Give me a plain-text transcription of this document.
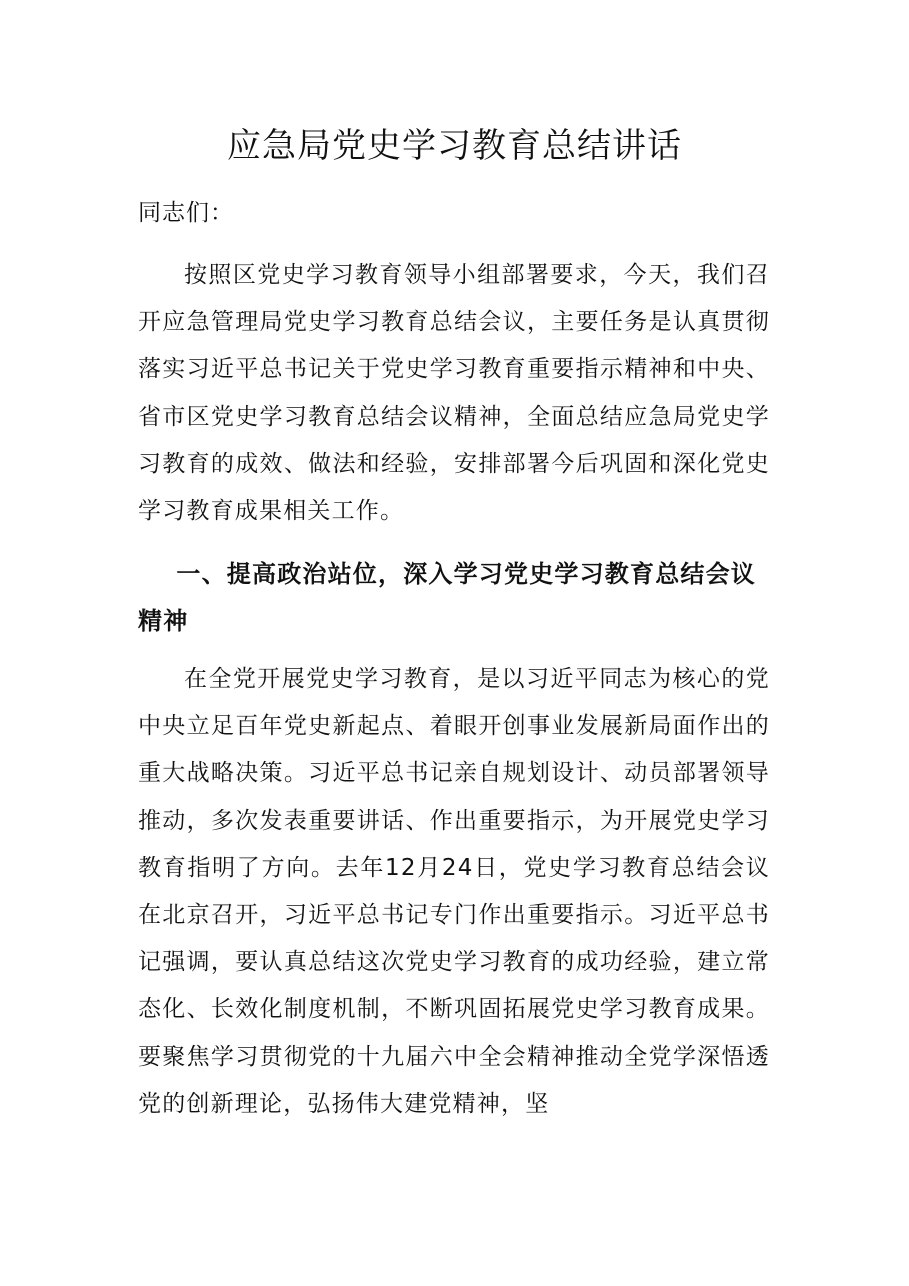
应急局党史学习教育总结讲话
同志们：

按照区党史学习教育领导小组部署要求，今天，我们召开应急管理局党史学习教育总结会议，主要任务是认真贯彻落实习近平总书记关于党史学习教育重要指示精神和中央、省市区党史学习教育总结会议精神，全面总结应急局党史学习教育的成效、做法和经验，安排部署今后巩固和深化党史学习教育成果相关工作。

一、提高政治站位，深入学习党史学习教育总结会议精神

在全党开展党史学习教育，是以习近平同志为核心的党中央立足百年党史新起点、着眼开创事业发展新局面作出的重大战略决策。习近平总书记亲自规划设计、动员部署领导推动，多次发表重要讲话、作出重要指示，为开展党史学习教育指明了方向。去年12月24日，党史学习教育总结会议在北京召开，习近平总书记专门作出重要指示。习近平总书记强调，要认真总结这次党史学习教育的成功经验，建立常态化、长效化制度机制，不断巩固拓展党史学习教育成果。要聚焦学习贯彻党的十九届六中全会精神推动全党学深悟透党的创新理论，弘扬伟大建党精神，坚
